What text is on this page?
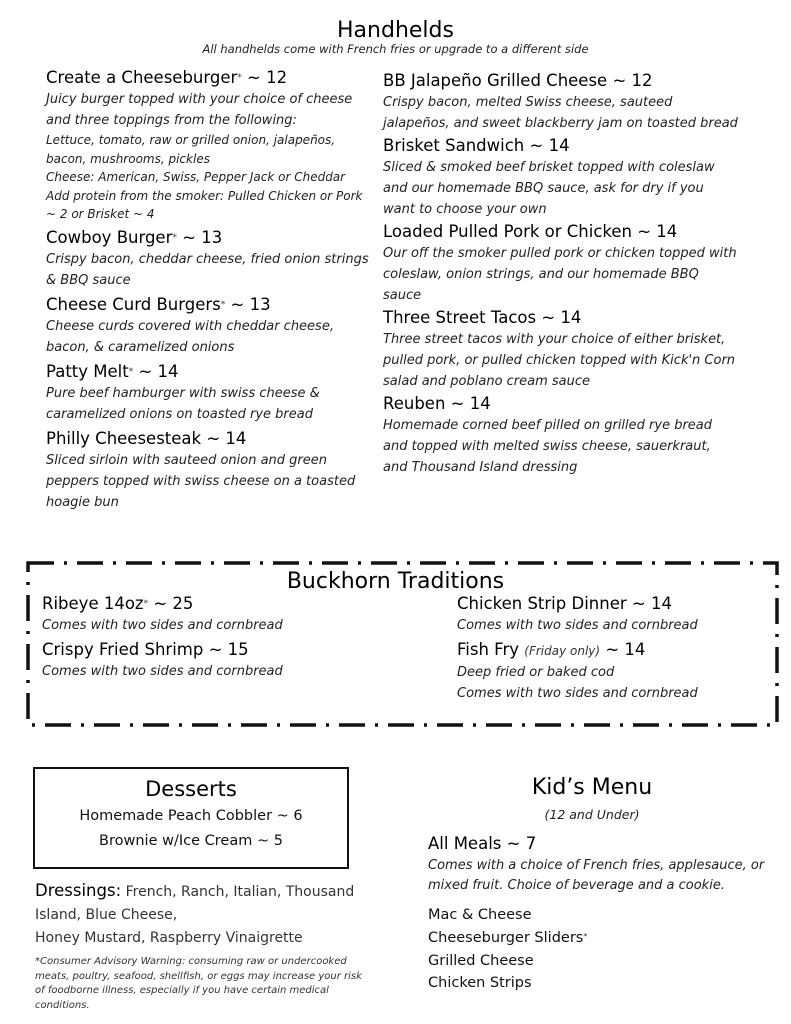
Handhelds
All handhelds come with French fries or upgrade to a different side
Create a Cheeseburger* ~ 12
Juicy burger topped with your choice of cheese and three toppings from the following:
Lettuce, tomato, raw or grilled onion, jalapeños, bacon, mushrooms, pickles
Cheese: American, Swiss, Pepper Jack or Cheddar
Add protein from the smoker: Pulled Chicken or Pork ~ 2 or Brisket ~ 4
Cowboy Burger* ~ 13
Crispy bacon, cheddar cheese, fried onion strings & BBQ sauce
Cheese Curd Burgers* ~ 13
Cheese curds covered with cheddar cheese, bacon, & caramelized onions
Patty Melt* ~ 14
Pure beef hamburger with swiss cheese & caramelized onions on toasted rye bread
Philly Cheesesteak ~ 14
Sliced sirloin with sauteed onion and green peppers topped with swiss cheese on a toasted hoagie bun
BB Jalapeño Grilled Cheese ~ 12
Crispy bacon, melted Swiss cheese, sauteed jalapeños, and sweet blackberry jam on toasted bread
Brisket Sandwich ~ 14
Sliced & smoked beef brisket topped with coleslaw and our homemade BBQ sauce, ask for dry if you want to choose your own
Loaded Pulled Pork or Chicken ~ 14
Our off the smoker pulled pork or chicken topped with coleslaw, onion strings, and our homemade BBQ sauce
Three Street Tacos ~ 14
Three street tacos with your choice of either brisket, pulled pork, or pulled chicken topped with Kick'n Corn salad and poblano cream sauce
Reuben ~ 14
Homemade corned beef pilled on grilled rye bread and topped with melted swiss cheese, sauerkraut, and Thousand Island dressing
Buckhorn Traditions
Ribeye 14oz* ~ 25
Comes with two sides and cornbread
Crispy Fried Shrimp ~ 15
Comes with two sides and cornbread
Chicken Strip Dinner ~ 14
Comes with two sides and cornbread
Fish Fry (Friday only) ~ 14
Deep fried or baked cod
Comes with two sides and cornbread
Desserts
Homemade Peach Cobbler ~ 6
Brownie w/Ice Cream ~ 5
Dressings: French, Ranch, Italian, Thousand Island, Blue Cheese,
Honey Mustard, Raspberry Vinaigrette
*Consumer Advisory Warning: consuming raw or undercooked meats, poultry, seafood, shellfish, or eggs may increase your risk of foodborne illness, especially if you have certain medical conditions.
Kid’s Menu
(12 and Under)
All Meals ~ 7
Comes with a choice of French fries, applesauce, or mixed fruit. Choice of beverage and a cookie.
Mac & Cheese
Cheeseburger Sliders*
Grilled Cheese
Chicken Strips
